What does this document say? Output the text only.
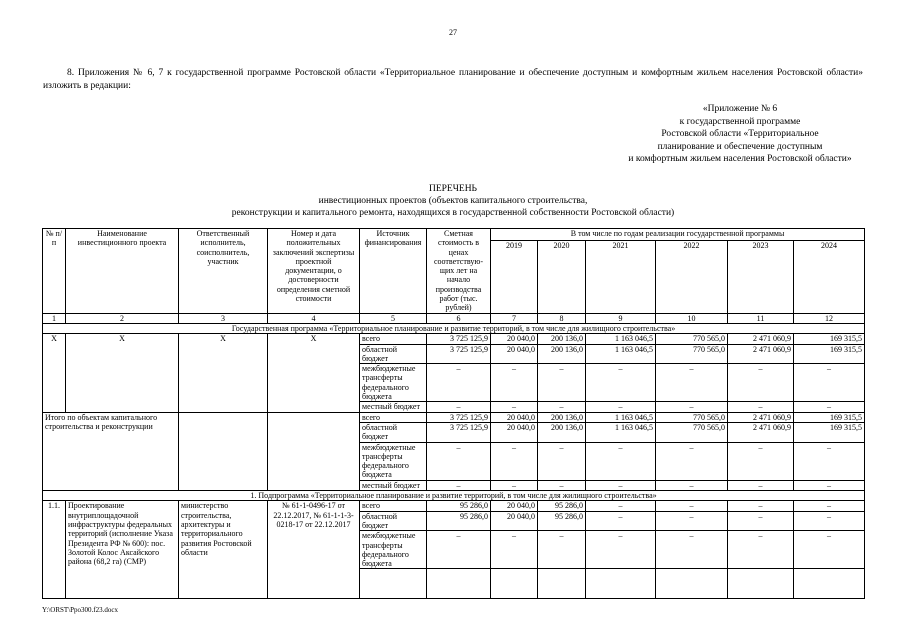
27
8. Приложения № 6, 7 к государственной программе Ростовской области «Территориальное планирование и обеспечение доступным и комфортным жильем населения Ростовской области» изложить в редакции:
«Приложение № 6
к государственной программе
Ростовской области «Территориальное
планирование и обеспечение доступным
и комфортным жильем населения Ростовской области»
ПЕРЕЧЕНЬ
инвестиционных проектов (объектов капитального строительства,
реконструкции и капитального ремонта, находящихся в государственной собственности Ростовской области)
№ п/п	Наименование инвестиционного проекта	Ответственный исполнитель, соисполнитель, участник	Номер и дата положительных заключений экспертизы проектной документации, о достоверности определения сметной стоимости	Источник финансирования	Сметная стоимость в ценах соответствую-щих лет на начало производства работ (тыс. рублей)	В том числе по годам реализации государственной программы					
						2019	2020	2021	2022	2023	2024
1	2	3	4	5	6	7	8	9	10	11	12
Государственная программа «Территориальное планирование и развитие территорий, в том числе для жилищного строительства»											
Х	Х	Х	Х	всего	3 725 125,9	20 040,0	200 136,0	1 163 046,5	770 565,0	2 471 060,9	169 315,5
				областной бюджет	3 725 125,9	20 040,0	200 136,0	1 163 046,5	770 565,0	2 471 060,9	169 315,5
				межбюджетные трансферты федерального бюджета	–	–	–	–	–	–	–
				местный бюджет	–	–	–	–	–	–	–
Итого по объектам капитального строительства и реконструкции				всего	3 725 125,9	20 040,0	200 136,0	1 163 046,5	770 565,0	2 471 060,9	169 315,5
				областной бюджет	3 725 125,9	20 040,0	200 136,0	1 163 046,5	770 565,0	2 471 060,9	169 315,5
				межбюджетные трансферты федерального бюджета	–	–	–	–	–	–	–
				местный бюджет	–	–	–	–	–	–	–
1. Подпрограмма «Территориальное планирование и развитие территорий, в том числе для жилищного строительства»											
1.1.	Проектирование внутриплощадочной инфраструктуры федеральных территорий (исполнение Указа Президента РФ № 600): пос. Золотой Колос Аксайского района (68,2 га) (СМР)	министерство строительства, архитектуры и территориального развития Ростовской области	№ 61-1-0496-17 от 22.12.2017, № 61-1-1-3-0218-17 от 22.12.2017	всего	95 286,0	20 040,0	95 286,0	–	–	–	–
				областной бюджет	95 286,0	20 040,0	95 286,0	–	–	–	–
				межбюджетные трансферты федерального бюджета	–	–	–	–	–	–	–

Y:\ORST\Ppo300.f23.docx
